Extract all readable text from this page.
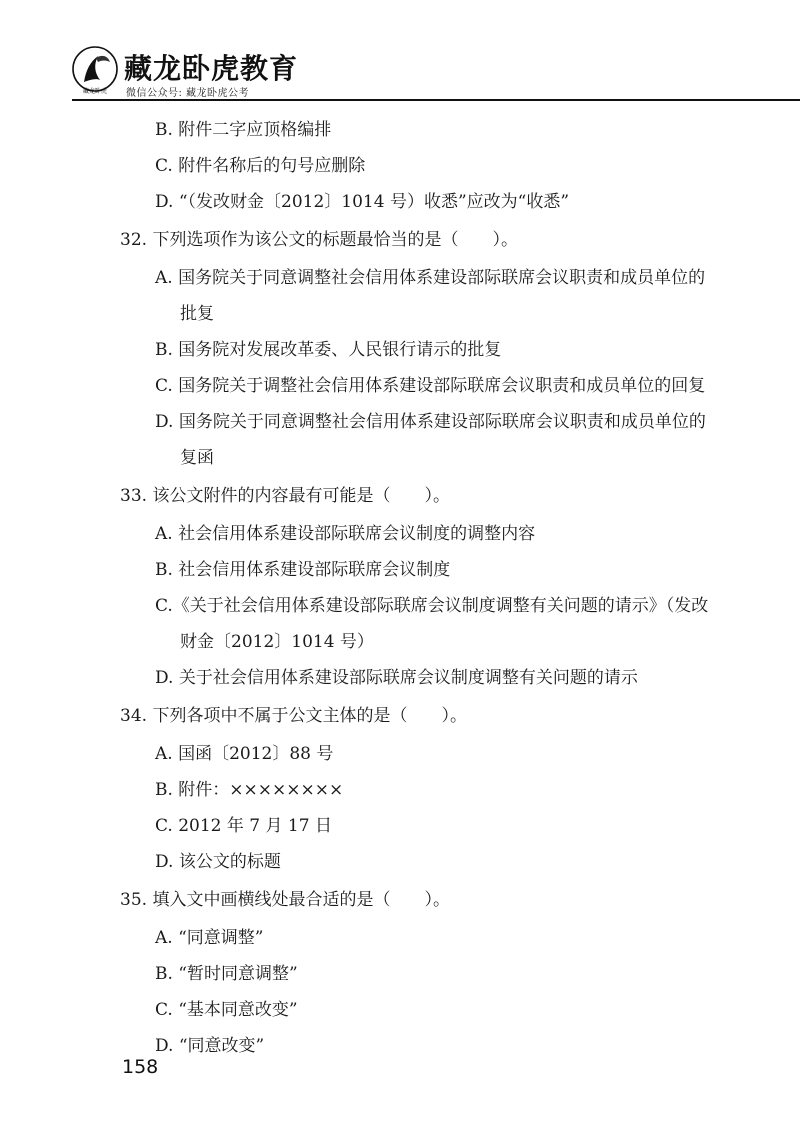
藏龙卧虎
藏龙卧虎教育
微信公众号: 藏龙卧虎公考
B. 附件二字应顶格编排
C. 附件名称后的句号应删除
D. “（发改财金〔2012〕1014 号）收悉”应改为“收悉”
32. 下列选项作为该公文的标题最恰当的是（　　）。
A. 国务院关于同意调整社会信用体系建设部际联席会议职责和成员单位的
批复
B. 国务院对发展改革委、人民银行请示的批复
C. 国务院关于调整社会信用体系建设部际联席会议职责和成员单位的回复
D. 国务院关于同意调整社会信用体系建设部际联席会议职责和成员单位的
复函
33. 该公文附件的内容最有可能是（　　）。
A. 社会信用体系建设部际联席会议制度的调整内容
B. 社会信用体系建设部际联席会议制度
C.《关于社会信用体系建设部际联席会议制度调整有关问题的请示》（发改
财金〔2012〕1014 号）
D. 关于社会信用体系建设部际联席会议制度调整有关问题的请示
34. 下列各项中不属于公文主体的是（　　）。
A. 国函〔2012〕88 号
B. 附件：××××××××
C. 2012 年 7 月 17 日
D. 该公文的标题
35. 填入文中画横线处最合适的是（　　）。
A. “同意调整”
B. “暂时同意调整”
C. “基本同意改变”
D. “同意改变”
158
